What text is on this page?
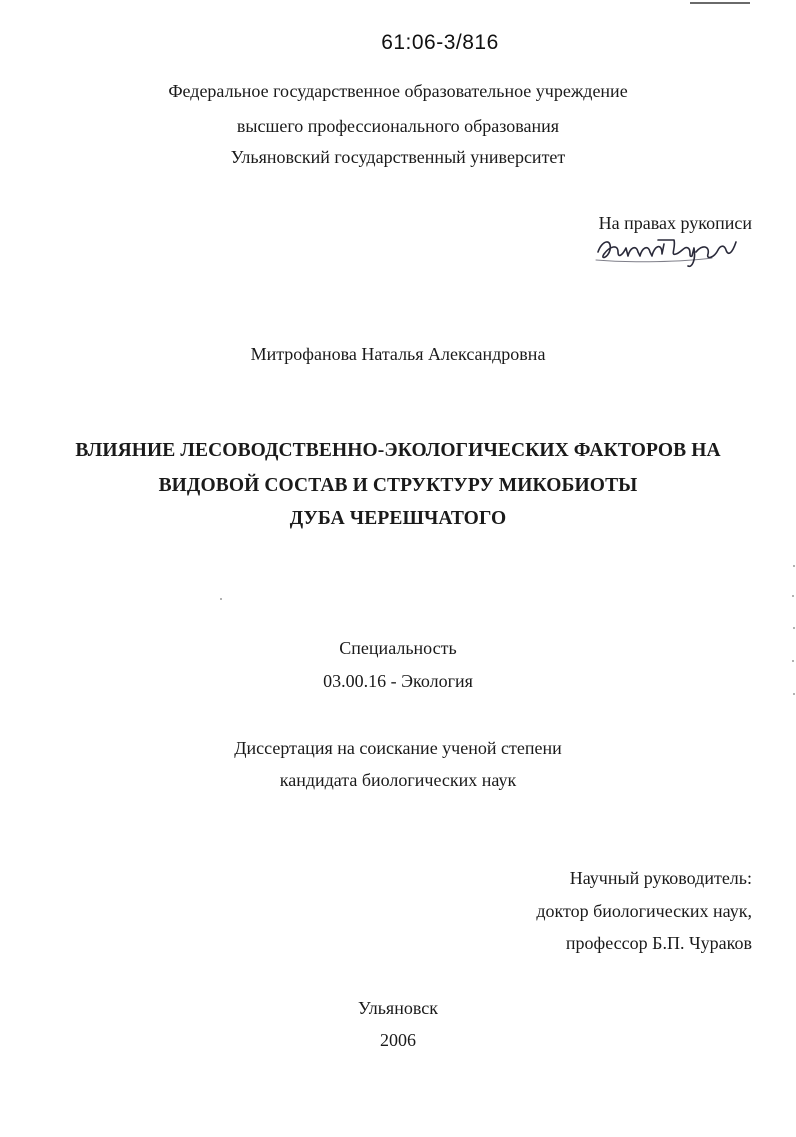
61:06-3/816
Федеральное государственное образовательное учреждение
высшего профессионального образования
Ульяновский государственный университет
На правах рукописи
Митрофанова Наталья Александровна
ВЛИЯНИЕ ЛЕСОВОДСТВЕННО-ЭКОЛОГИЧЕСКИХ ФАКТОРОВ НА
ВИДОВОЙ СОСТАВ И СТРУКТУРУ МИКОБИОТЫ
ДУБА ЧЕРЕШЧАТОГО
Специальность
03.00.16 - Экология
Диссертация на соискание ученой степени
кандидата биологических наук
Научный руководитель:
доктор биологических наук,
профессор Б.П. Чураков
Ульяновск
2006
